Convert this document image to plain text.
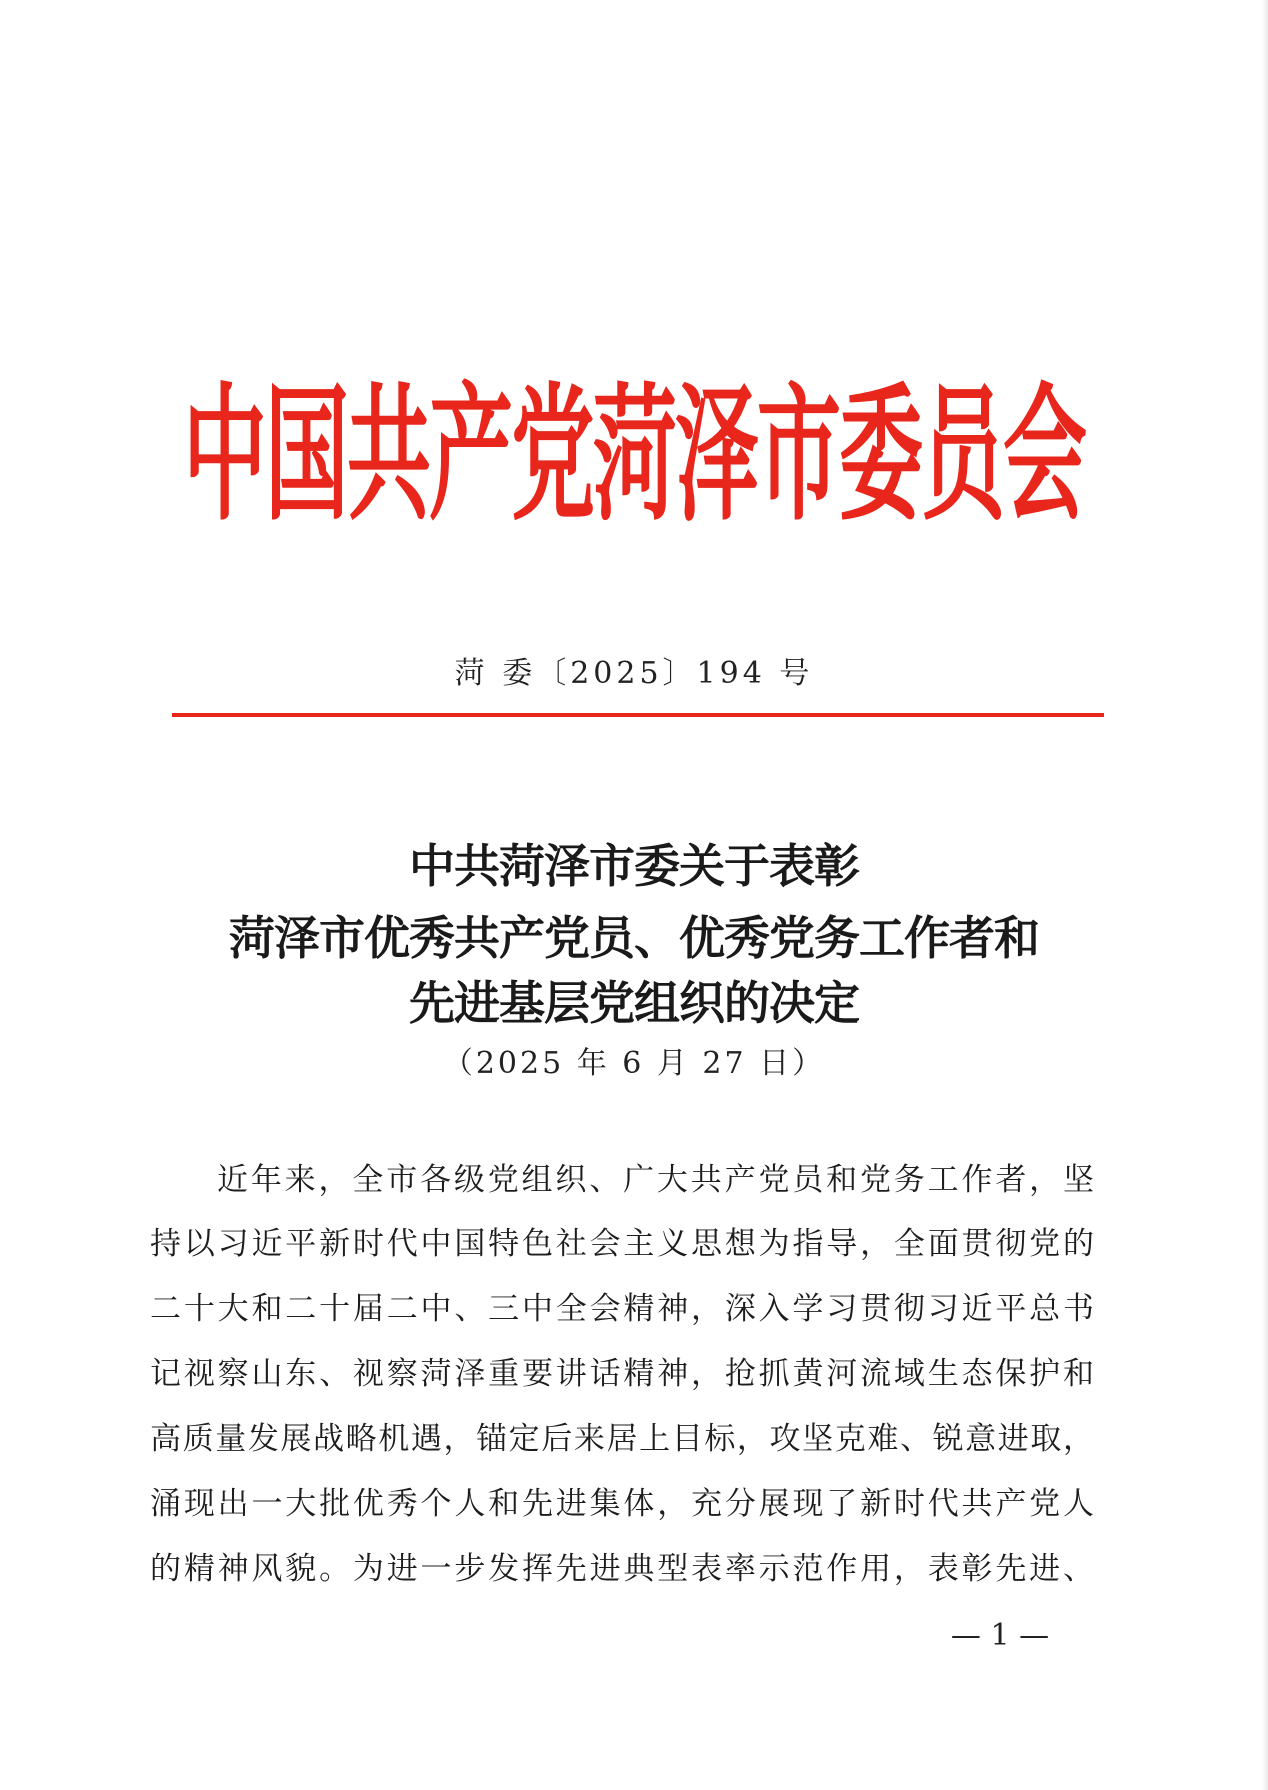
中国共产党菏泽市委员会
菏 委〔2025〕194 号
中共菏泽市委关于表彰
菏泽市优秀共产党员、优秀党务工作者和
先进基层党组织的决定
（2025 年 6 月 27 日）
近年来，全市各级党组织、广大共产党员和党务工作者，坚
持以习近平新时代中国特色社会主义思想为指导，全面贯彻党的
二十大和二十届二中、三中全会精神，深入学习贯彻习近平总书
记视察山东、视察菏泽重要讲话精神，抢抓黄河流域生态保护和
高质量发展战略机遇，锚定后来居上目标，攻坚克难、锐意进取，
涌现出一大批优秀个人和先进集体，充分展现了新时代共产党人
的精神风貌。为进一步发挥先进典型表率示范作用，表彰先进、
— 1 —
